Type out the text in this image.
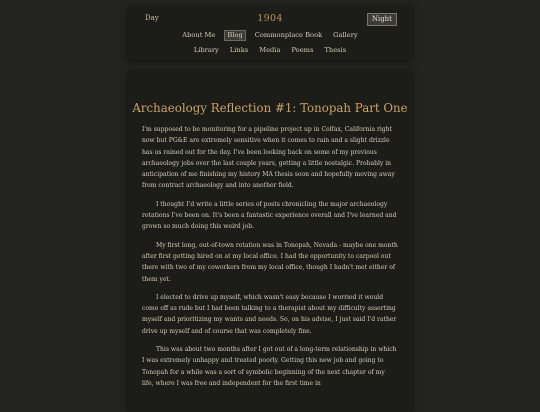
Day	1904	Night
About Me	Blog	Commonplace Book Gallery
Library Links Media Poems Thesis
Archaeology Reflection #1: Tonopah Part One

I'm supposed to be monitoring for a pipeline project up in Colfax, California right now but PG&E are extremely sensitive when it comes to rain and a slight drizzle has us rained out for the day. I've been looking back on some of my previous archaeology jobs over the last couple years, getting a little nostalgic. Probably in anticipation of me finishing my history MA thesis soon and hopefully moving away from contract archaeology and into another field.

I thought I'd write a little series of posts chronicling the major archaeology rotations I've been on. It's been a fantastic experience overall and I've learned and grown so much doing this weird job.

My first long, out-of-town rotation was in Tonopah, Nevada - maybe one month after first getting hired on at my local office. I had the opportunity to carpool out there with two of my coworkers from my local office, though I hadn't met either of them yet.

I elected to drive up myself, which wasn't easy because I worried it would come off as rude but I had been talking to a therapist about my difficulty asserting myself and prioritizing my wants and needs. So, on his advise, I just said I'd rather drive up myself and of course that was completely fine.

This was about two months after I got out of a long-term relationship in which I was extremely unhappy and treated poorly. Getting this new job and going to Tonopah for a while was a sort of symbolic beginning of the next chapter of my life, where I was free and independent for the first time in
